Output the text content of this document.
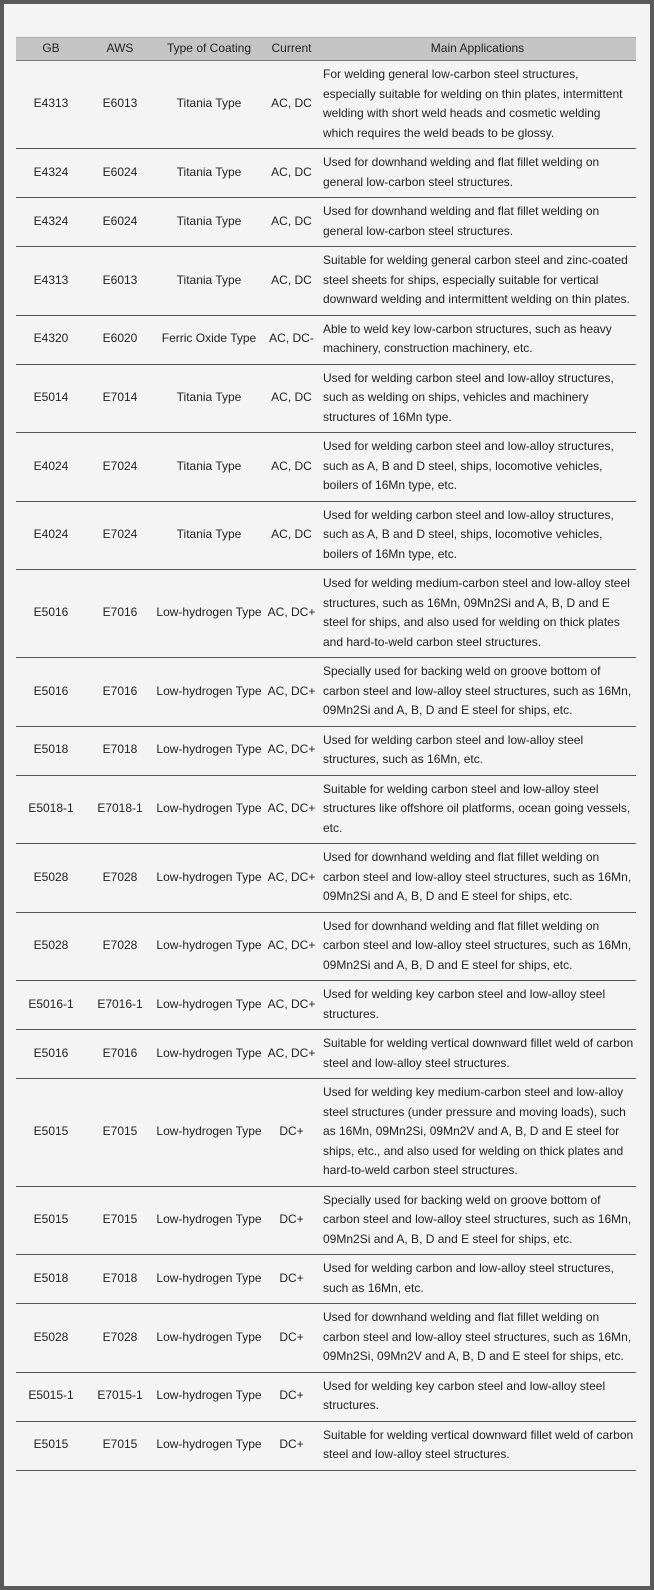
GB	AWS	Type of Coating	Current	Main Applications
E4313	E6013	Titania Type	AC, DC	For welding general low-carbon steel structures, especially suitable for welding on thin plates, intermittent welding with short weld heads and cosmetic welding which requires the weld beads to be glossy.
E4324	E6024	Titania Type	AC, DC	Used for downhand welding and flat fillet welding on general low-carbon steel structures.
E4324	E6024	Titania Type	AC, DC	Used for downhand welding and flat fillet welding on general low-carbon steel structures.
E4313	E6013	Titania Type	AC, DC	Suitable for welding general carbon steel and zinc-coated steel sheets for ships, especially suitable for vertical downward welding and intermittent welding on thin plates.
E4320	E6020	Ferric Oxide Type	AC, DC-	Able to weld key low-carbon structures, such as heavy machinery, construction machinery, etc.
E5014	E7014	Titania Type	AC, DC	Used for welding carbon steel and low-alloy structures, such as welding on ships, vehicles and machinery structures of 16Mn type.
E4024	E7024	Titania Type	AC, DC	Used for welding carbon steel and low-alloy structures, such as A, B and D steel, ships, locomotive vehicles, boilers of 16Mn type, etc.
E4024	E7024	Titania Type	AC, DC	Used for welding carbon steel and low-alloy structures, such as A, B and D steel, ships, locomotive vehicles, boilers of 16Mn type, etc.
E5016	E7016	Low-hydrogen Type	AC, DC+	Used for welding medium-carbon steel and low-alloy steel structures, such as 16Mn, 09Mn2Si and A, B, D and E steel for ships, and also used for welding on thick plates and hard-to-weld carbon steel structures.
E5016	E7016	Low-hydrogen Type	AC, DC+	Specially used for backing weld on groove bottom of carbon steel and low-alloy steel structures, such as 16Mn, 09Mn2Si and A, B, D and E steel for ships, etc.
E5018	E7018	Low-hydrogen Type	AC, DC+	Used for welding carbon steel and low-alloy steel structures, such as 16Mn, etc.
E5018-1	E7018-1	Low-hydrogen Type	AC, DC+	Suitable for welding carbon steel and low-alloy steel structures like offshore oil platforms, ocean going vessels, etc.
E5028	E7028	Low-hydrogen Type	AC, DC+	Used for downhand welding and flat fillet welding on carbon steel and low-alloy steel structures, such as 16Mn, 09Mn2Si and A, B, D and E steel for ships, etc.
E5028	E7028	Low-hydrogen Type	AC, DC+	Used for downhand welding and flat fillet welding on carbon steel and low-alloy steel structures, such as 16Mn, 09Mn2Si and A, B, D and E steel for ships, etc.
E5016-1	E7016-1	Low-hydrogen Type	AC, DC+	Used for welding key carbon steel and low-alloy steel structures.
E5016	E7016	Low-hydrogen Type	AC, DC+	Suitable for welding vertical downward fillet weld of carbon steel and low-alloy steel structures.
E5015	E7015	Low-hydrogen Type	DC+	Used for welding key medium-carbon steel and low-alloy steel structures (under pressure and moving loads), such as 16Mn, 09Mn2Si, 09Mn2V and A, B, D and E steel for ships, etc., and also used for welding on thick plates and hard-to-weld carbon steel structures.
E5015	E7015	Low-hydrogen Type	DC+	Specially used for backing weld on groove bottom of carbon steel and low-alloy steel structures, such as 16Mn, 09Mn2Si and A, B, D and E steel for ships, etc.
E5018	E7018	Low-hydrogen Type	DC+	Used for welding carbon and low-alloy steel structures, such as 16Mn, etc.
E5028	E7028	Low-hydrogen Type	DC+	Used for downhand welding and flat fillet welding on carbon steel and low-alloy steel structures, such as 16Mn, 09Mn2Si, 09Mn2V and A, B, D and E steel for ships, etc.
E5015-1	E7015-1	Low-hydrogen Type	DC+	Used for welding key carbon steel and low-alloy steel structures.
E5015	E7015	Low-hydrogen Type	DC+	Suitable for welding vertical downward fillet weld of carbon steel and low-alloy steel structures.
